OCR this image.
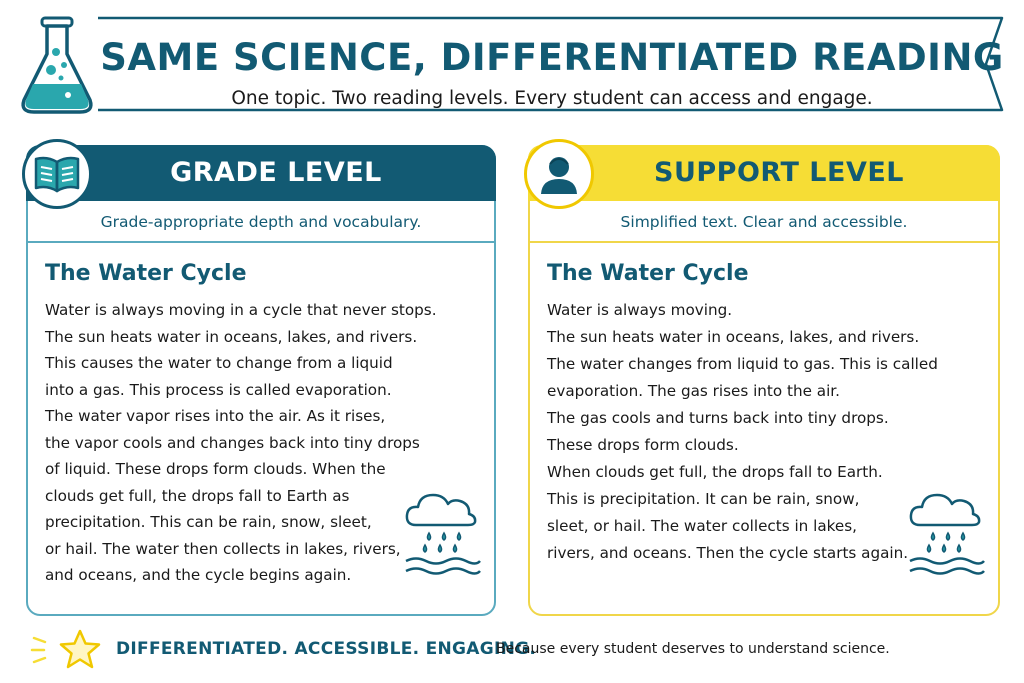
SAME SCIENCE, DIFFERENTIATED READING
One topic. Two reading levels. Every student can access and engage.
GRADE LEVEL
Grade-appropriate depth and vocabulary.
The Water Cycle
Water is always moving in a cycle that never stops.
The sun heats water in oceans, lakes, and rivers.
This causes the water to change from a liquid
into a gas. This process is called evaporation.
The water vapor rises into the air. As it rises,
the vapor cools and changes back into tiny drops
of liquid. These drops form clouds. When the
clouds get full, the drops fall to Earth as
precipitation. This can be rain, snow, sleet,
or hail. The water then collects in lakes, rivers,
and oceans, and the cycle begins again.
SUPPORT LEVEL
Simplified text. Clear and accessible.
The Water Cycle
Water is always moving.
The sun heats water in oceans, lakes, and rivers.
The water changes from liquid to gas. This is called
evaporation. The gas rises into the air.
The gas cools and turns back into tiny drops.
These drops form clouds.
When clouds get full, the drops fall to Earth.
This is precipitation. It can be rain, snow,
sleet, or hail. The water collects in lakes,
rivers, and oceans. Then the cycle starts again.
DIFFERENTIATED. ACCESSIBLE. ENGAGING.
Because every student deserves to understand science.
